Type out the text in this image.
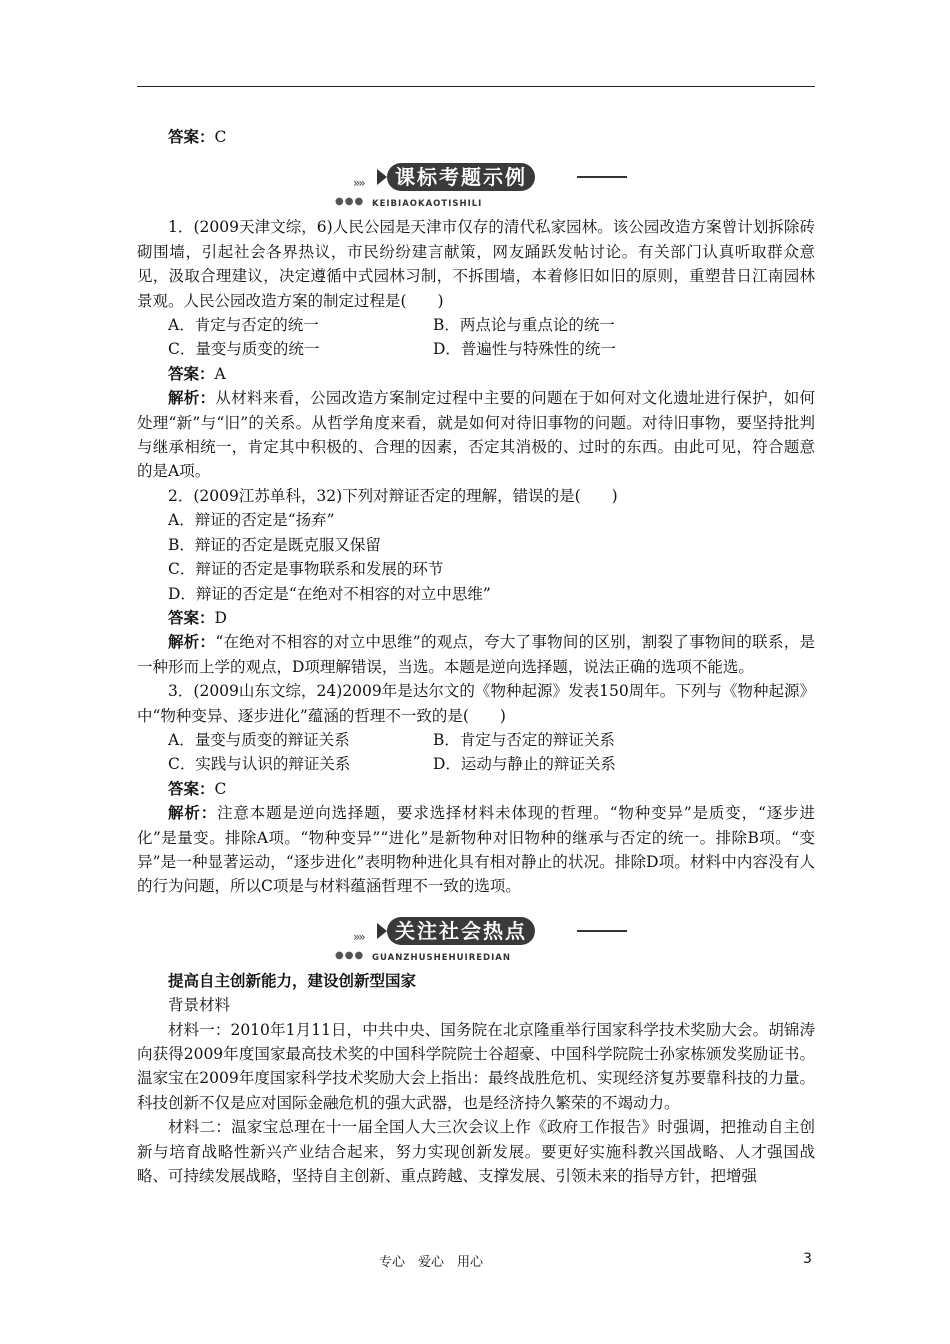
答案：C

»»	课标考题示例
●●● KEIBIAOKAOTISHILI

1．(2009天津文综，6)人民公园是天津市仅存的清代私家园林。该公园改造方案曾计划拆除砖砌围墙，引起社会各界热议，市民纷纷建言献策，网友踊跃发帖讨论。有关部门认真听取群众意见，汲取合理建议，决定遵循中式园林习制，不拆围墙，本着修旧如旧的原则，重塑昔日江南园林景观。人民公园改造方案的制定过程是(　　)

A．肯定与否定的统一	B．两点论与重点论的统一
C．量变与质变的统一	D．普遍性与特殊性的统一

答案：A

解析：从材料来看，公园改造方案制定过程中主要的问题在于如何对文化遗址进行保护，如何处理“新”与“旧”的关系。从哲学角度来看，就是如何对待旧事物的问题。对待旧事物，要坚持批判与继承相统一，肯定其中积极的、合理的因素，否定其消极的、过时的东西。由此可见，符合题意的是A项。

2．(2009江苏单科，32)下列对辩证否定的理解，错误的是(　　)

A．辩证的否定是“扬弃”
B．辩证的否定是既克服又保留
C．辩证的否定是事物联系和发展的环节
D．辩证的否定是“在绝对不相容的对立中思维”

答案：D

解析：“在绝对不相容的对立中思维”的观点，夸大了事物间的区别，割裂了事物间的联系，是一种形而上学的观点，D项理解错误，当选。本题是逆向选择题，说法正确的选项不能选。

3．(2009山东文综，24)2009年是达尔文的《物种起源》发表150周年。下列与《物种起源》中“物种变异、逐步进化”蕴涵的哲理不一致的是(　　)

A．量变与质变的辩证关系	B．肯定与否定的辩证关系
C．实践与认识的辩证关系	D．运动与静止的辩证关系

答案：C

解析：注意本题是逆向选择题，要求选择材料未体现的哲理。“物种变异”是质变，“逐步进化”是量变。排除A项。“物种变异”“进化”是新物种对旧物种的继承与否定的统一。排除B项。“变异”是一种显著运动，“逐步进化”表明物种进化具有相对静止的状况。排除D项。材料中内容没有人的行为问题，所以C项是与材料蕴涵哲理不一致的选项。

»»	关注社会热点
●●● GUANZHUSHEHUIREDIAN

提高自主创新能力，建设创新型国家

背景材料

材料一：2010年1月11日，中共中央、国务院在北京隆重举行国家科学技术奖励大会。胡锦涛向获得2009年度国家最高技术奖的中国科学院院士谷超豪、中国科学院院士孙家栋颁发奖励证书。温家宝在2009年度国家科学技术奖励大会上指出：最终战胜危机、实现经济复苏要靠科技的力量。科技创新不仅是应对国际金融危机的强大武器，也是经济持久繁荣的不竭动力。

材料二：温家宝总理在十一届全国人大三次会议上作《政府工作报告》时强调，把推动自主创新与培育战略性新兴产业结合起来，努力实现创新发展。要更好实施科教兴国战略、人才强国战略、可持续发展战略，坚持自主创新、重点跨越、支撑发展、引领未来的指导方针，把增强

专心　爱心　用心	3
